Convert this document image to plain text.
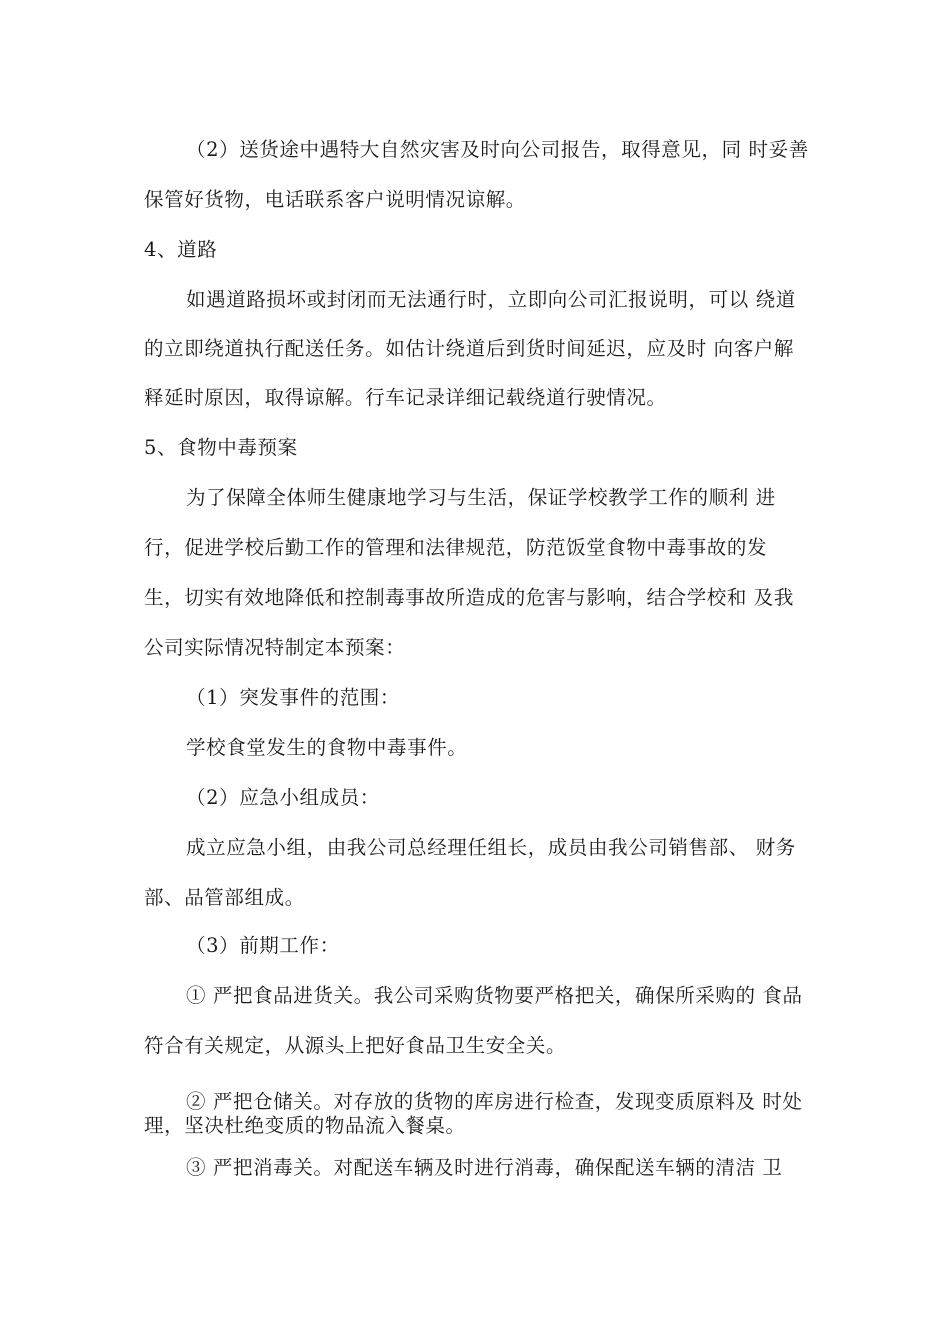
（2）送货途中遇特大自然灾害及时向公司报告，取得意见，同 时妥善
保管好货物，电话联系客户说明情况谅解。
4、道路
如遇道路损坏或封闭而无法通行时，立即向公司汇报说明，可以 绕道
的立即绕道执行配送任务。如估计绕道后到货时间延迟，应及时 向客户解
释延时原因，取得谅解。行车记录详细记载绕道行驶情况。
5、食物中毒预案
为了保障全体师生健康地学习与生活，保证学校教学工作的顺利 进
行，促进学校后勤工作的管理和法律规范，防范饭堂食物中毒事故的发
生，切实有效地降低和控制毒事故所造成的危害与影响，结合学校和 及我
公司实际情况特制定本预案：
（1）突发事件的范围：
学校食堂发生的食物中毒事件。
（2）应急小组成员：
成立应急小组，由我公司总经理任组长，成员由我公司销售部、 财务
部、品管部组成。
（3）前期工作：
① 严把食品进货关。我公司采购货物要严格把关，确保所采购的 食品
符合有关规定，从源头上把好食品卫生安全关。
② 严把仓储关。对存放的货物的库房进行检查，发现变质原料及 时处
理，坚决杜绝变质的物品流入餐桌。
③ 严把消毒关。对配送车辆及时进行消毒，确保配送车辆的清洁 卫
